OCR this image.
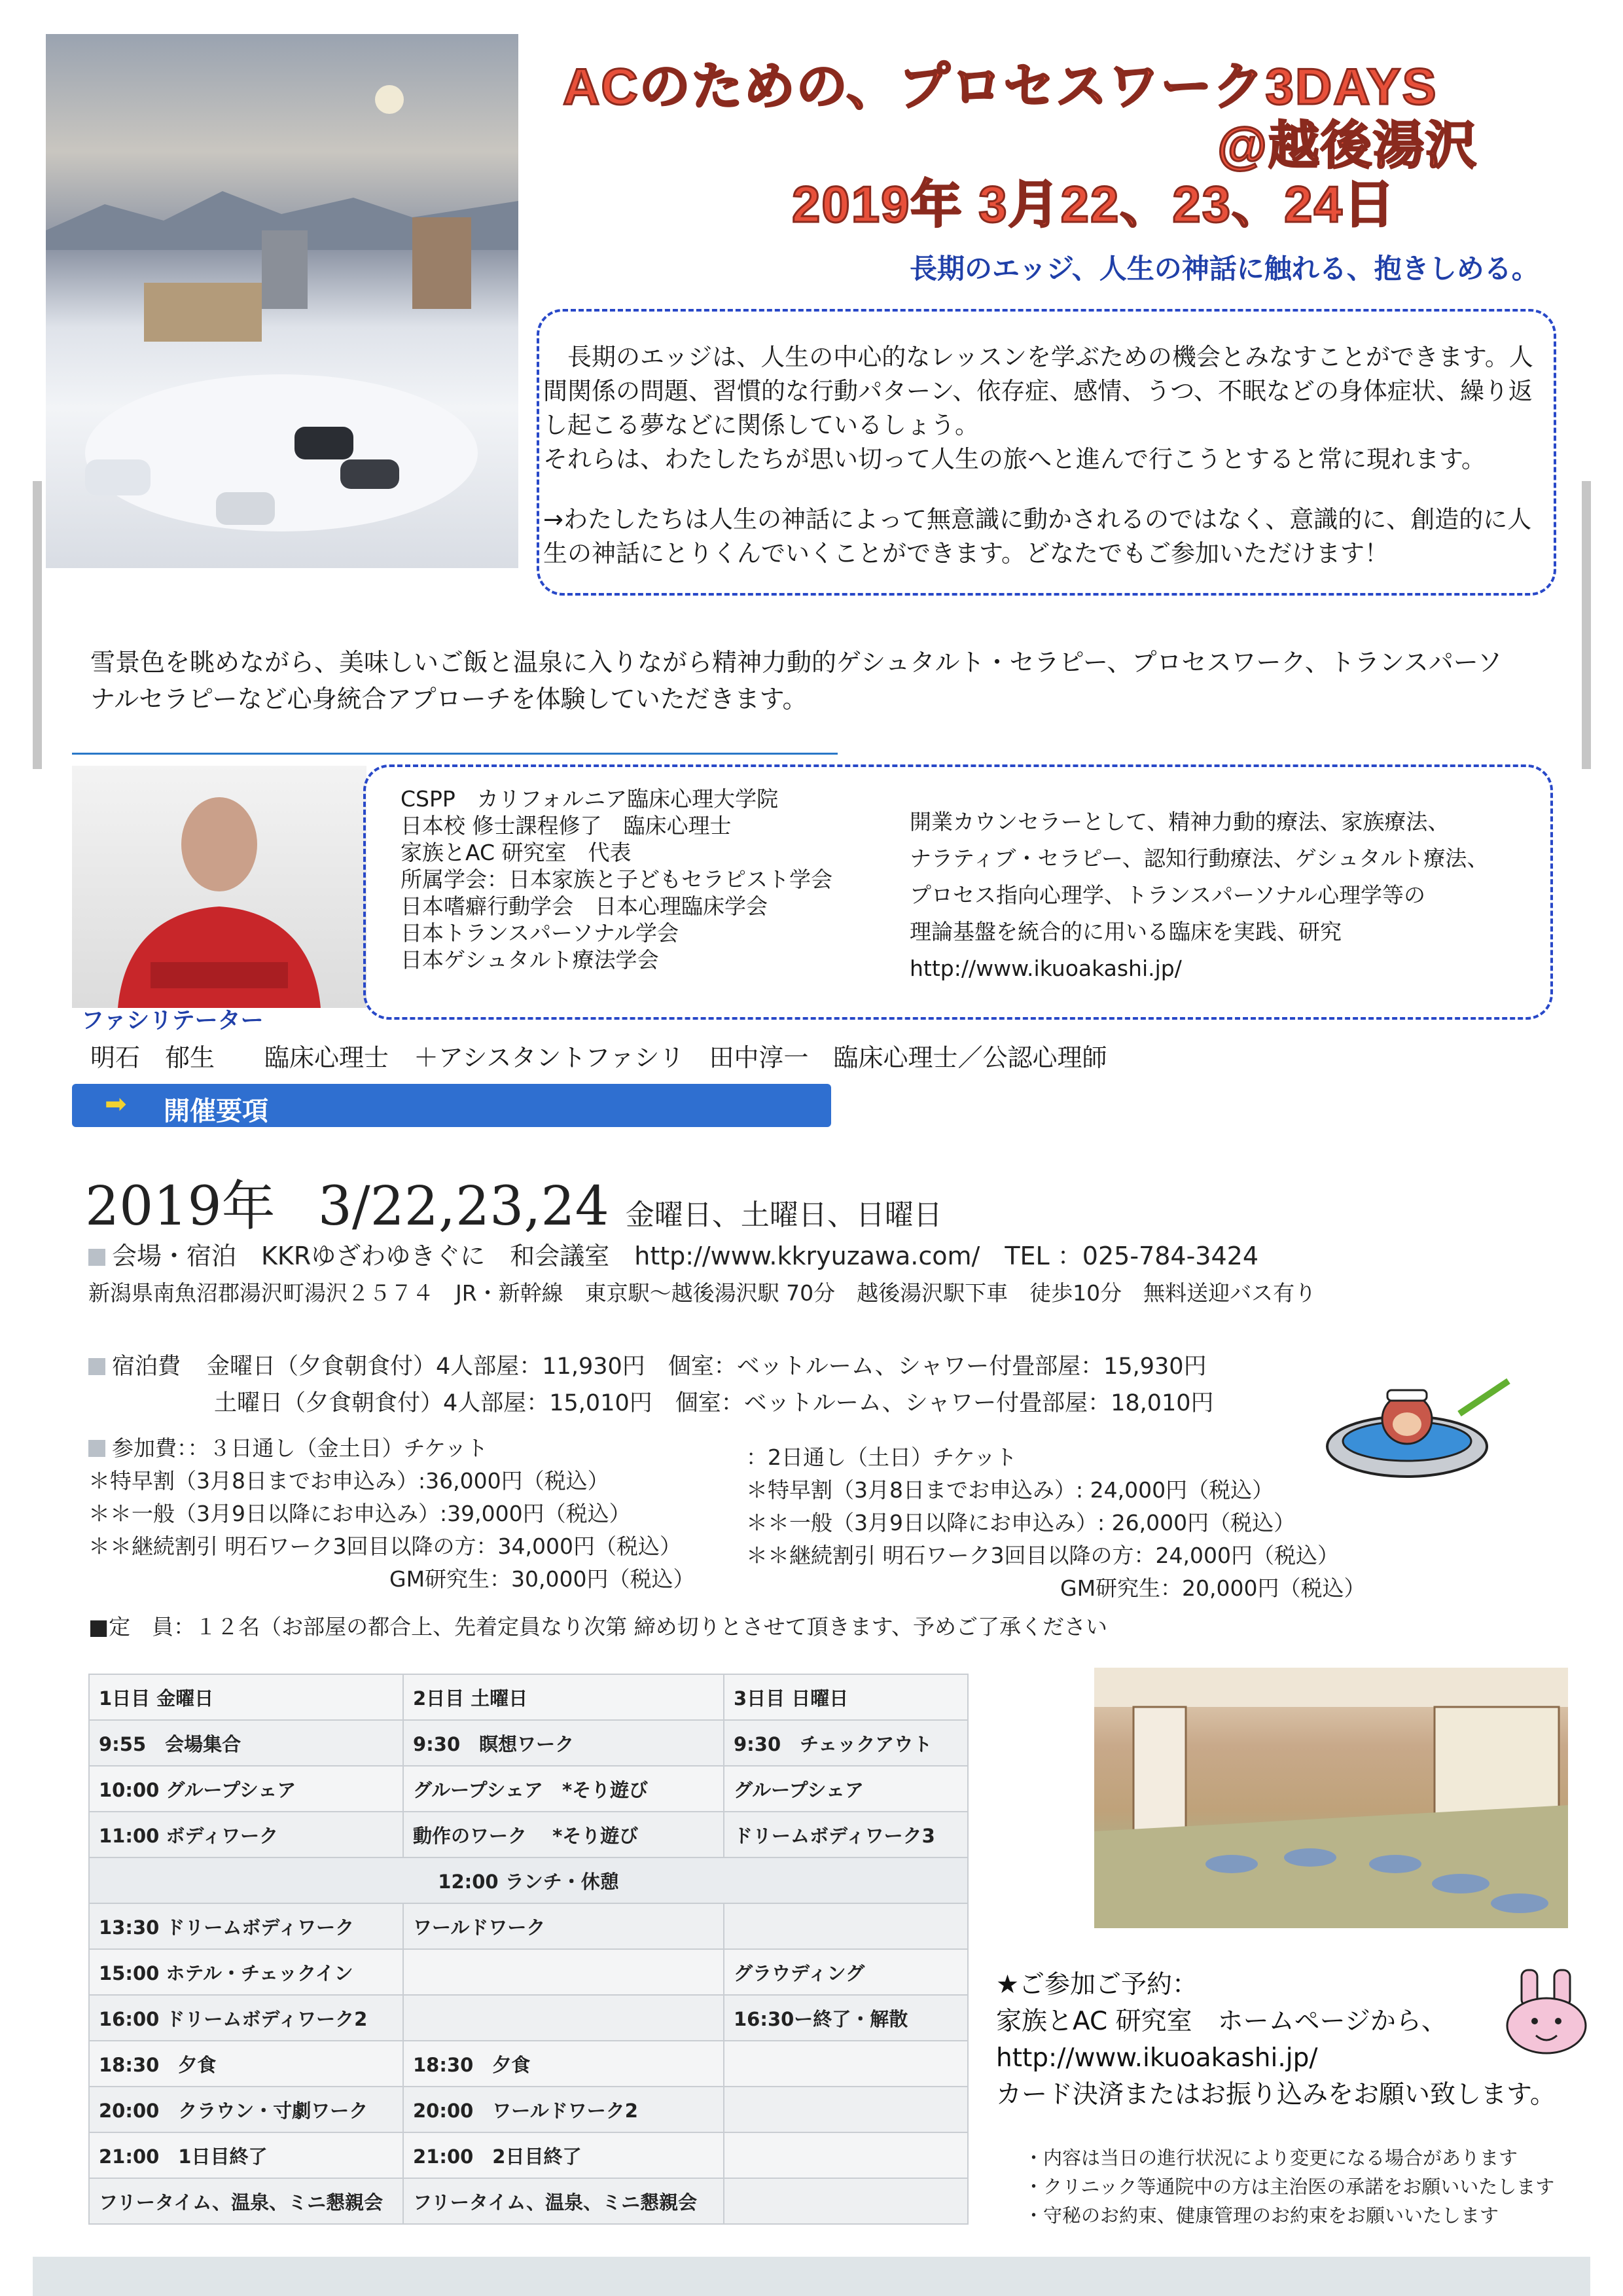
ACのための、プロセスワーク3DAYS
@越後湯沢
2019年 3月22、23、24日
長期のエッジ、人生の神話に触れる、抱きしめる。
　長期のエッジは、人生の中心的なレッスンを学ぶための機会とみなすことができます。人間関係の問題、習慣的な行動パターン、依存症、感情、うつ、不眠などの身体症状、繰り返し起こる夢などに関係しているしょう。
それらは、わたしたちが思い切って人生の旅へと進んで行こうとすると常に現れます。
→わたしたちは人生の神話によって無意識に動かされるのではなく、意識的に、創造的に人生の神話にとりくんでいくことができます。どなたでもご参加いただけます！
雪景色を眺めながら、美味しいご飯と温泉に入りながら精神力動的ゲシュタルト・セラピー、プロセスワーク、トランスパーソナルセラピーなど心身統合アプローチを体験していただきます。
CSPP　カリフォルニア臨床心理大学院
日本校 修士課程修了　臨床心理士
家族とAC 研究室　代表
所属学会：日本家族と子どもセラピスト学会
日本嗜癖行動学会　日本心理臨床学会
日本トランスパーソナル学会
日本ゲシュタルト療法学会
開業カウンセラーとして、精神力動的療法、家族療法、
ナラティブ・セラピー、認知行動療法、ゲシュタルト療法、
プロセス指向心理学、トランスパーソナル心理学等の
理論基盤を統合的に用いる臨床を実践、研究
http://www.ikuoakashi.jp/
ファシリテーター
明石　郁生　　臨床心理士　＋アシスタントファシリ　田中淳一　臨床心理士／公認心理師
➡ 開催要項
2019年 3/22,23,24 金曜日、土曜日、日曜日
会場・宿泊　KKRゆざわゆきぐに　和会議室　http://www.kkryuzawa.com/　TEL ：025-784-3424
新潟県南魚沼郡湯沢町湯沢２５７４　JR・新幹線　東京駅〜越後湯沢駅 70分　越後湯沢駅下車　徒歩10分　無料送迎バス有り
宿泊費 金曜日（夕食朝食付）4人部屋：11,930円　個室：ベットルーム、シャワー付畳部屋：15,930円
土曜日（夕食朝食付）4人部屋：15,010円　個室：ベットルーム、シャワー付畳部屋：18,010円
参加費：：３日通し（金土日）チケット
＊特早割（3月8日までお申込み）:36,000円（税込）
＊＊一般（3月9日以降にお申込み）:39,000円（税込）
＊＊継続割引 明石ワーク3回目以降の方：34,000円（税込）
GM研究生：30,000円（税込）
：2日通し（土日）チケット
＊特早割（3月8日までお申込み）: 24,000円（税込）
＊＊一般（3月9日以降にお申込み）: 26,000円（税込）
＊＊継続割引 明石ワーク3回目以降の方：24,000円（税込）
GM研究生：20,000円（税込）
■定　員：１２名（お部屋の都合上、先着定員なり次第 締め切りとさせて頂きます、予めご了承ください
1日目 金曜日	2日目 土曜日	3日目 日曜日
9:55　会場集合	9:30　瞑想ワーク	9:30　チェックアウト
10:00 グループシェア	グループシェア　*そり遊び	グループシェア
11:00 ボディワーク	動作のワーク　 *そり遊び	ドリームボディワーク3
12:00 ランチ・休憩		
13:30 ドリームボディワーク	ワールドワーク	
15:00 ホテル・チェックイン		グラウディング
16:00 ドリームボディワーク2		16:30ー終了・解散
18:30　夕食	18:30　夕食	
20:00　クラウン・寸劇ワーク	20:00　ワールドワーク2	
21:00　1日目終了	21:00　2日目終了	
フリータイム、温泉、ミニ懇親会	フリータイム、温泉、ミニ懇親会	
★ご参加ご予約：
家族とAC 研究室　ホームページから、
http://www.ikuoakashi.jp/
カード決済またはお振り込みをお願い致します。
・内容は当日の進行状況により変更になる場合があります
・クリニック等通院中の方は主治医の承諾をお願いいたします
・守秘のお約束、健康管理のお約束をお願いいたします
